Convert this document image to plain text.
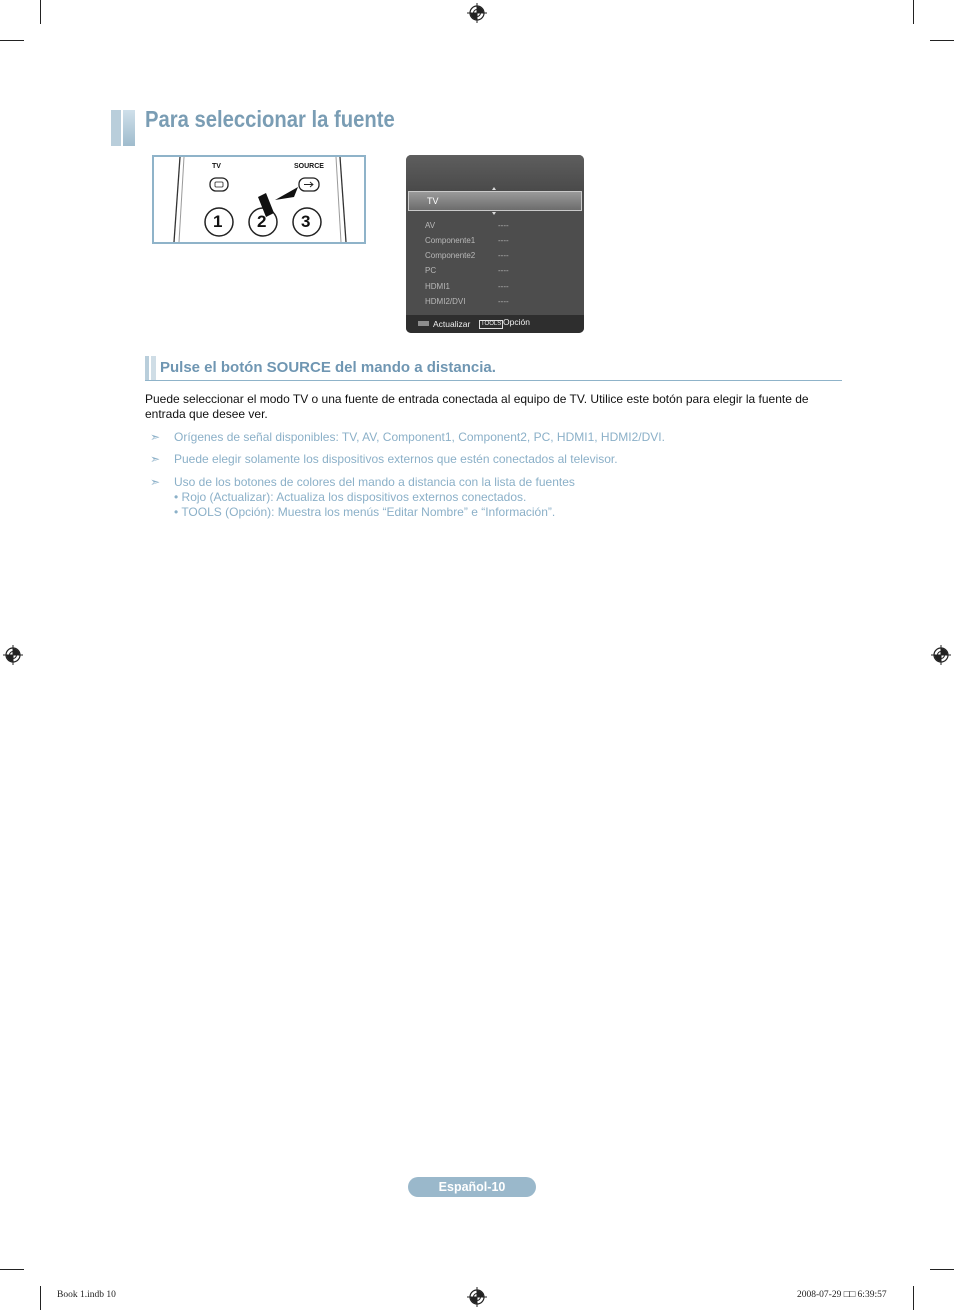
Para seleccionar la fuente
TV	SOURCE
1 2 3
TV
AV	----
Componente1	----
Componente2	----
PC	----
HDMI1	----
HDMI2/DVI	----
Actualizar	TOOLS Opción
Pulse el botón SOURCE del mando a distancia.
Puede seleccionar el modo TV o una fuente de entrada conectada al equipo de TV. Utilice este botón para elegir la fuente de entrada que desee ver.
➣	Orígenes de señal disponibles: TV, AV, Component1, Component2, PC, HDMI1, HDMI2/DVI.
➣	Puede elegir solamente los dispositivos externos que estén conectados al televisor.
➣	Uso de los botones de colores del mando a distancia con la lista de fuentes
• Rojo (Actualizar): Actualiza los dispositivos externos conectados.
• TOOLS (Opción): Muestra los menús “Editar Nombre” e “Información”.
Español-10
Book 1.indb 10	2008-07-29 □□ 6:39:57
